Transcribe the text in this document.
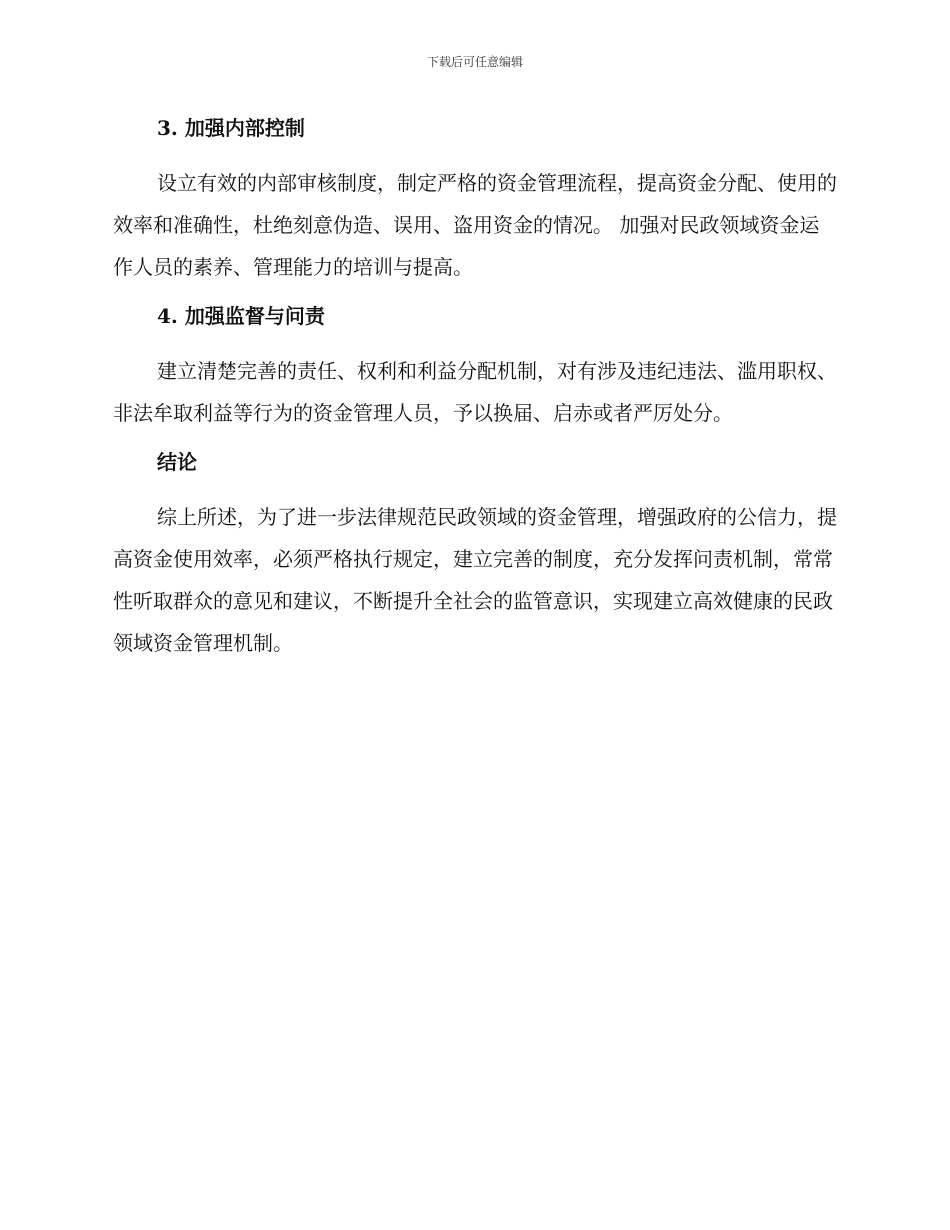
下载后可任意编辑
3. 加强内部控制

设立有效的内部审核制度，制定严格的资金管理流程，提高资金分配、使用的效率和准确性，杜绝刻意伪造、误用、盗用资金的情况。 加强对民政领域资金运作人员的素养、管理能力的培训与提高。

4. 加强监督与问责

建立清楚完善的责任、权利和利益分配机制，对有涉及违纪违法、滥用职权、非法牟取利益等行为的资金管理人员，予以换届、启赤或者严厉处分。

结论

综上所述，为了进一步法律规范民政领域的资金管理，增强政府的公信力，提高资金使用效率，必须严格执行规定，建立完善的制度，充分发挥问责机制，常常性听取群众的意见和建议，不断提升全社会的监管意识，实现建立高效健康的民政领域资金管理机制。
